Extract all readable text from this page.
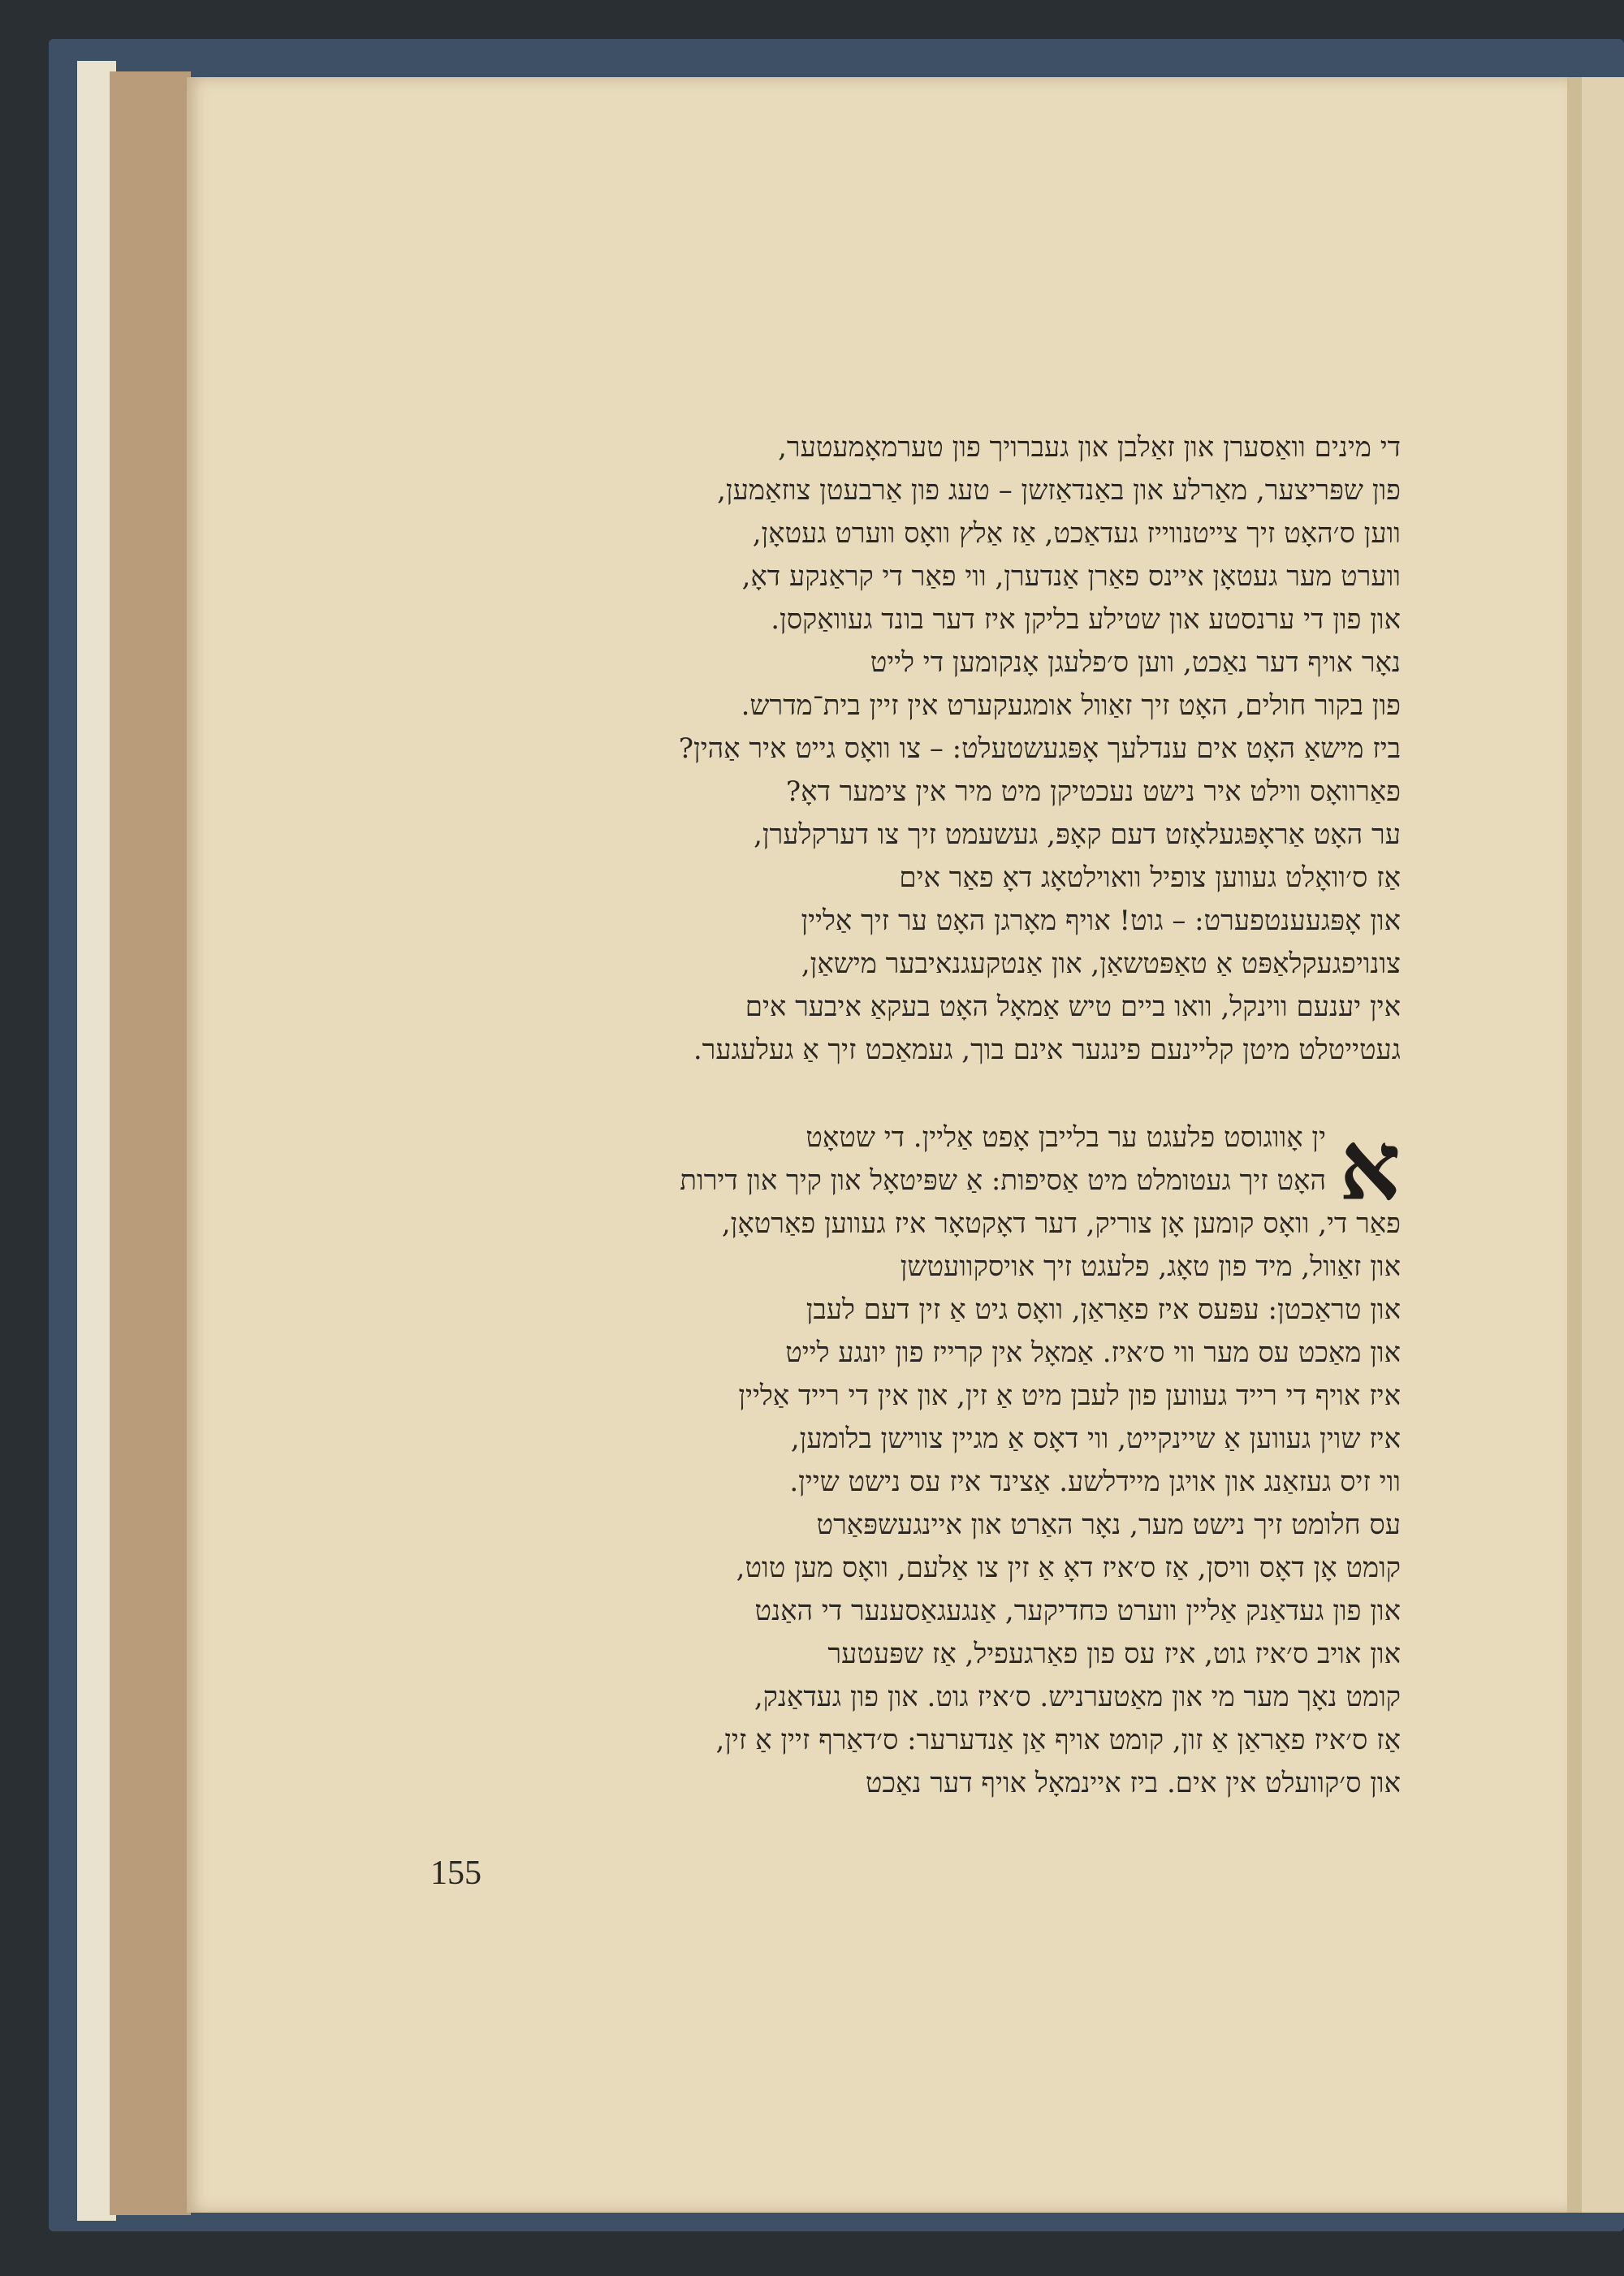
די מינים וואַסערן און זאַלבן און געברויך פון טערמאָמעטער,
פון שפּריצער, מאַרלע און באַנדאַזשן – טעג פון אַרבעטן צוזאַמען,
ווען ס׳האָט זיך צייטנווייז געדאַכט, אַז אַלץ וואָס ווערט געטאָן,
ווערט מער געטאָן איינס פאַרן אַנדערן, ווי פאַר די קראַנקע דאָ,
און פון די ערנסטע און שטילע בליקן איז דער בונד געוואַקסן.
נאָר אויף דער נאַכט, ווען ס׳פלעגן אָנקומען די לייט
פון בקור חולים, האָט זיך זאַוול אומגעקערט אין זיין בית־מדרש.
ביז מישאַ האָט אים ענדלעך אָפּגעשטעלט: – צו וואָס גייט איר אַהין?
פאַרוואָס ווילט איר נישט נעכטיקן מיט מיר אין צימער דאָ?
ער האָט אַראָפּגעלאָזט דעם קאָפּ, געשעמט זיך צו דערקלערן,
אַז ס׳וואָלט געווען צופיל וואוילטאָג דאָ פאַר אים
און אָפּגעענטפערט: – גוט! אויף מאָרגן האָט ער זיך אַליין
צונויפגעקלאַפּט אַ טאַפּטשאַן, און אַנטקעגנאיבער מישאַן,
אין יענעם ווינקל, וואו ביים טיש אַמאָל האָט בעקאַ איבער אים
געטייטלט מיטן קליינעם פינגער אינם בוך, געמאַכט זיך אַ געלעגער.
א
ין אָווגוסט פלעגט ער בלייבן אָפט אַליין. די שטאָט
האָט זיך געטומלט מיט אַסיפות: אַ שפּיטאָל און קיך און דירות
פאַר די, וואָס קומען אָן צוריק, דער דאָקטאָר איז געווען פאַרטאָן,
און זאַוול, מיד פון טאָג, פלעגט זיך אויסקוועטשן
און טראַכטן: עפּעס איז פאַראַן, וואָס גיט אַ זין דעם לעבן
און מאַכט עס מער ווי ס׳איז. אַמאָל אין קרייז פון יונגע לייט
איז אויף די רייד געווען פון לעבן מיט אַ זין, און אין די רייד אַליין
איז שוין געווען אַ שיינקייט, ווי דאָס אַ מגיין צווישן בלומען,
ווי זיס געזאַנג און אויגן מיידלשע. אַצינד איז עס נישט שיין.
עס חלומט זיך נישט מער, נאָר האַרט און איינגעשפּאַרט
קומט אָן דאָס וויסן, אַז ס׳איז דאָ אַ זין צו אַלעם, וואָס מען טוט,
און פון געדאַנק אַליין ווערט כּחדיקער, אַנגעגאַסענער די האַנט
און אויב ס׳איז גוט, איז עס פון פאַרגעפיל, אַז שפּעטער
קומט נאָך מער מי און מאַטערניש. ס׳איז גוט. און פון געדאַנק,
אַז ס׳איז פאַראַן אַ זון, קומט אויף אַן אַנדערער: ס׳דאַרף זיין אַ זין,
און ס׳קוועלט אין אים. ביז איינמאָל אויף דער נאַכט
155
